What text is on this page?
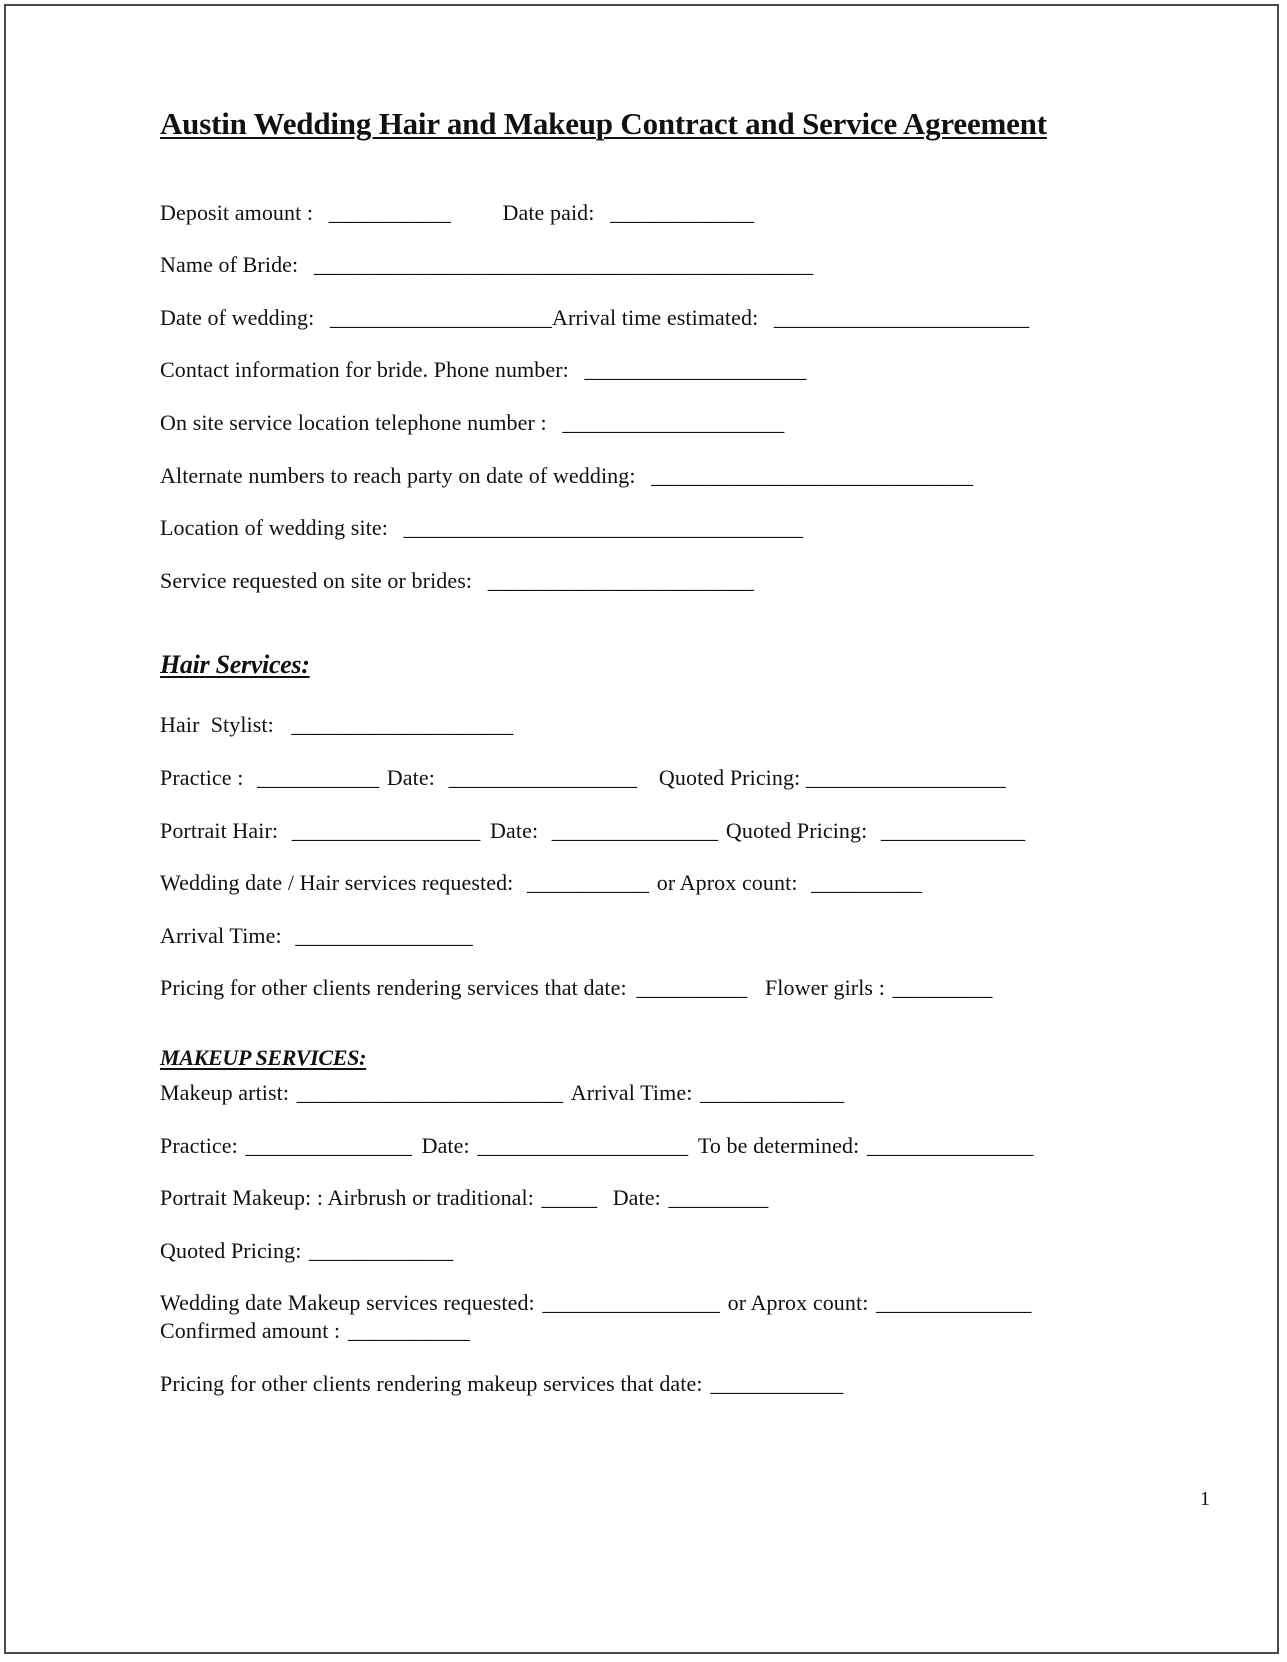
Austin Wedding Hair and Makeup Contract and Service Agreement
Deposit amount : ___________ Date paid: _____________
Name of Bride: _____________________________________________
Date of wedding: ____________________Arrival time estimated: _______________________
Contact information for bride. Phone number: ____________________
On site service location telephone number : ____________________
Alternate numbers to reach party on date of wedding: _____________________________
Location of wedding site: ____________________________________
Service requested on site or brides: ________________________
Hair Services:
Hair  Stylist: ____________________
Practice : ___________ Date: _________________ Quoted Pricing: __________________
Portrait Hair: _________________ Date: _______________ Quoted Pricing: _____________
Wedding date / Hair services requested: ___________ or Aprox count: __________
Arrival Time: ________________
Pricing for other clients rendering services that date: __________ Flower girls : _________
MAKEUP SERVICES:
Makeup artist: ________________________ Arrival Time: _____________
Practice: _______________ Date: ___________________ To be determined: _______________
Portrait Makeup: : Airbrush or traditional: _____ Date: _________
Quoted Pricing: _____________
Wedding date Makeup services requested: ________________ or Aprox count: ______________
Confirmed amount : ___________
Pricing for other clients rendering makeup services that date: ____________
1
